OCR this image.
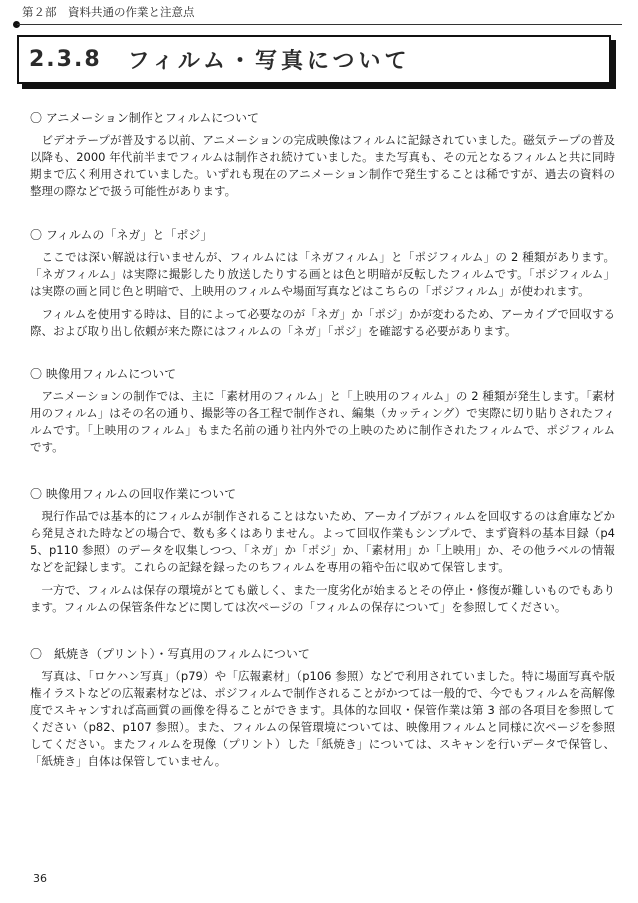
第２部　資料共通の作業と注意点
2.3.8 フィルム・写真について

〇 アニメーション制作とフィルムについて

ビデオテープが普及する以前、アニメーションの完成映像はフィルムに記録されていました。磁気テープの普及以降も、2000 年代前半までフィルムは制作され続けていました。また写真も、その元となるフィルムと共に同時期まで広く利用されていました。いずれも現在のアニメーション制作で発生することは稀ですが、過去の資料の整理の際などで扱う可能性があります。

〇 フィルムの「ネガ」と「ポジ」

ここでは深い解説は行いませんが、フィルムには「ネガフィルム」と「ポジフィルム」の 2 種類があります。「ネガフィルム」は実際に撮影したり放送したりする画とは色と明暗が反転したフィルムです。「ポジフィルム」は実際の画と同じ色と明暗で、上映用のフィルムや場面写真などはこちらの「ポジフィルム」が使われます。

フィルムを使用する時は、目的によって必要なのが「ネガ」か「ポジ」かが変わるため、アーカイブで回収する際、および取り出し依頼が来た際にはフィルムの「ネガ」「ポジ」を確認する必要があります。

〇 映像用フィルムについて

アニメーションの制作では、主に「素材用のフィルム」と「上映用のフィルム」の 2 種類が発生します。「素材用のフィルム」はその名の通り、撮影等の各工程で制作され、編集（カッティング）で実際に切り貼りされたフィルムです。「上映用のフィルム」もまた名前の通り社内外での上映のために制作されたフィルムで、ポジフィルムです。

〇 映像用フィルムの回収作業について

現行作品では基本的にフィルムが制作されることはないため、アーカイブがフィルムを回収するのは倉庫などから発見された時などの場合で、数も多くはありません。よって回収作業もシンプルで、まず資料の基本目録（p45、p110 参照）のデータを収集しつつ、「ネガ」か「ポジ」か、「素材用」か「上映用」か、その他ラベルの情報などを記録します。これらの記録を録ったのちフィルムを専用の箱や缶に収めて保管します。

一方で、フィルムは保存の環境がとても厳しく、また一度劣化が始まるとその停止・修復が難しいものでもあります。フィルムの保管条件などに関しては次ページの「フィルムの保存について」を参照してください。

〇　紙焼き（プリント）・写真用のフィルムについて

写真は、「ロケハン写真」（p79）や「広報素材」（p106 参照）などで利用されていました。特に場面写真や版権イラストなどの広報素材などは、ポジフィルムで制作されることがかつては一般的で、今でもフィルムを高解像度でスキャンすれば高画質の画像を得ることができます。具体的な回収・保管作業は第 3 部の各項目を参照してください（p82、p107 参照）。また、フィルムの保管環境については、映像用フィルムと同様に次ページを参照してください。またフィルムを現像（プリント）した「紙焼き」については、スキャンを行いデータで保管し、「紙焼き」自体は保管していません。

36
